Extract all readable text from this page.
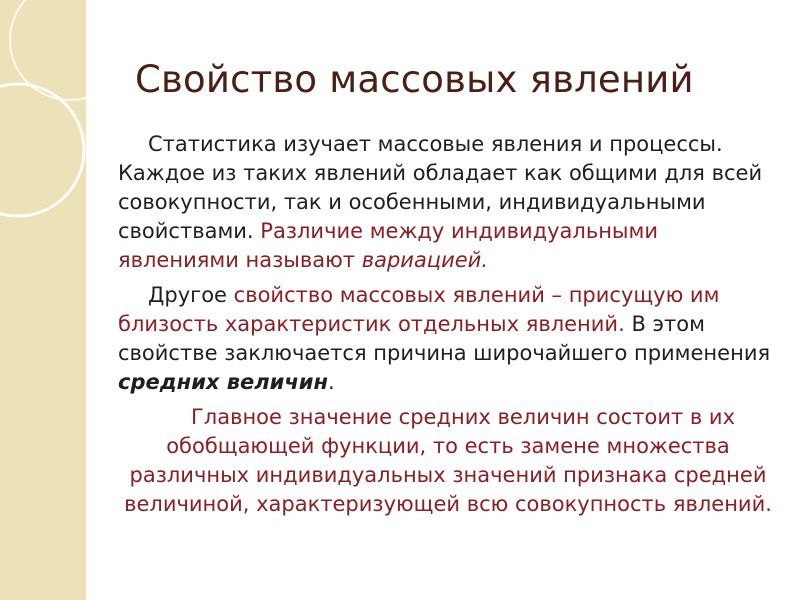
Свойство массовых явлений

Статистика изучает массовые явления и процессы. Каждое из таких явлений обладает как общими для всей совокупности, так и особенными, индивидуальными свойствами. Различие между индивидуальными явлениями называют вариацией.

Другое свойство массовых явлений – присущую им близость характеристик отдельных явлений. В этом свойстве заключается причина широчайшего применения средних величин.

Главное значение средних величин состоит в их обобщающей функции, то есть замене множества различных индивидуальных значений признака средней величиной, характеризующей всю совокупность явлений.
